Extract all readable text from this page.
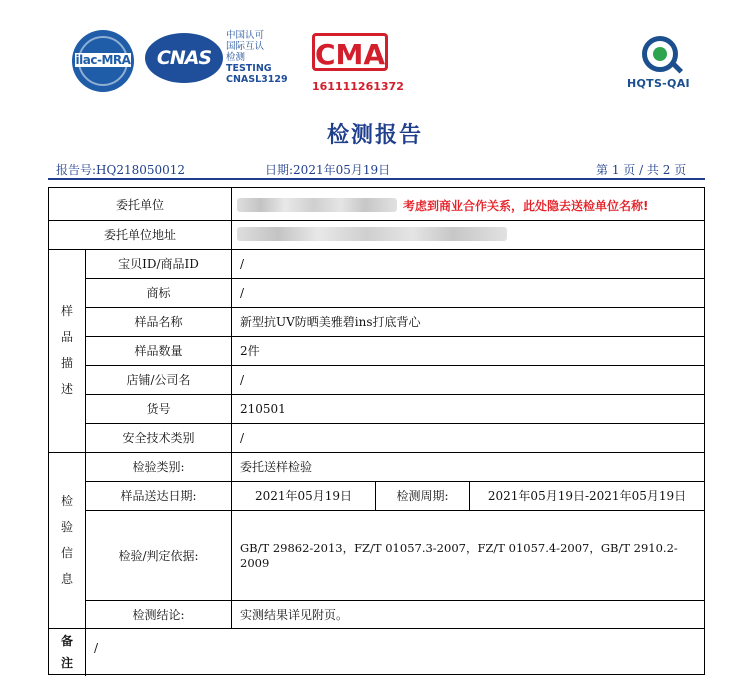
ilac-MRA	CNAS
中国认可
国际互认
检测
TESTING
CNASL3129
CMA
161111261372	HQTS-QAI
检测报告
报告号:HQ218050012	日期:2021年05月19日	第 1 页 / 共 2 页
委托单位	考虑到商业合作关系，此处隐去送检单位名称!
委托单位地址
样
品
描
述
宝贝ID/商品ID	/
商标	/
样品名称	新型抗UV防晒美雅碧ins打底背心
样品数量	2件
店铺/公司名	/
货号	210501
安全技术类别	/
检
验
信
息
检验类别:	委托送样检验
样品送达日期:	2021年05月19日	检测周期:	2021年05月19日-2021年05月19日
检验/判定依据:
GB/T 29862-2013，FZ/T 01057.3-2007，FZ/T 01057.4-2007，GB/T 2910.2-2009
检测结论:	实测结果详见附页。
备
注
/
